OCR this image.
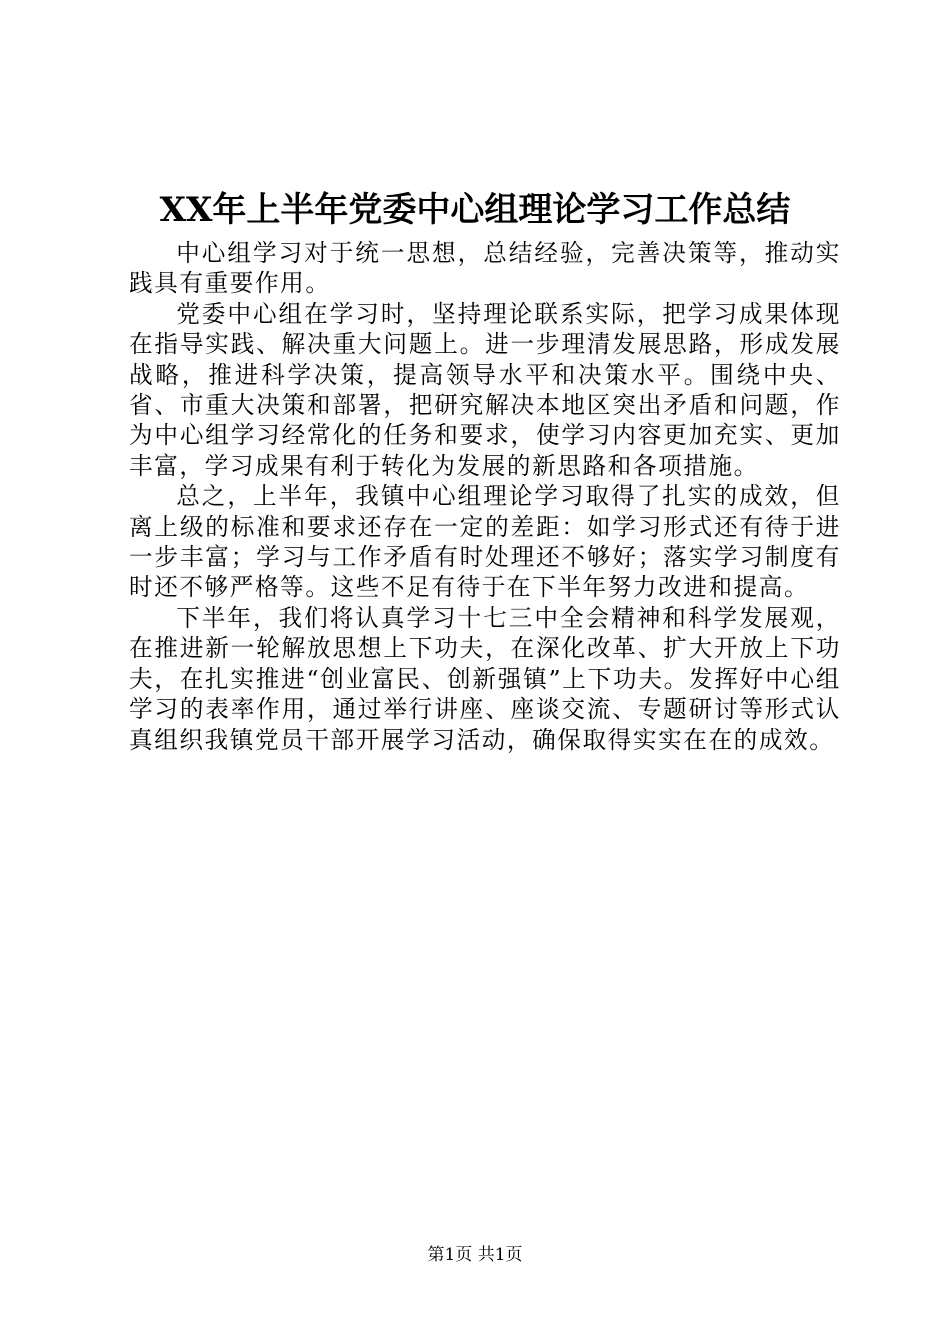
XX年上半年党委中心组理论学习工作总结

中心组学习对于统一思想，总结经验，完善决策等，推动实践具有重要作用。

党委中心组在学习时，坚持理论联系实际，把学习成果体现在指导实践、解决重大问题上。进一步理清发展思路，形成发展战略，推进科学决策，提高领导水平和决策水平。围绕中央、省、市重大决策和部署，把研究解决本地区突出矛盾和问题，作为中心组学习经常化的任务和要求，使学习内容更加充实、更加丰富，学习成果有利于转化为发展的新思路和各项措施。

总之，上半年，我镇中心组理论学习取得了扎实的成效，但离上级的标准和要求还存在一定的差距：如学习形式还有待于进一步丰富；学习与工作矛盾有时处理还不够好；落实学习制度有时还不够严格等。这些不足有待于在下半年努力改进和提高。

下半年，我们将认真学习十七三中全会精神和科学发展观，在推进新一轮解放思想上下功夫，在深化改革、扩大开放上下功夫，在扎实推进“创业富民、创新强镇”上下功夫。发挥好中心组学习的表率作用，通过举行讲座、座谈交流、专题研讨等形式认真组织我镇党员干部开展学习活动，确保取得实实在在的成效。

第1页 共1页
